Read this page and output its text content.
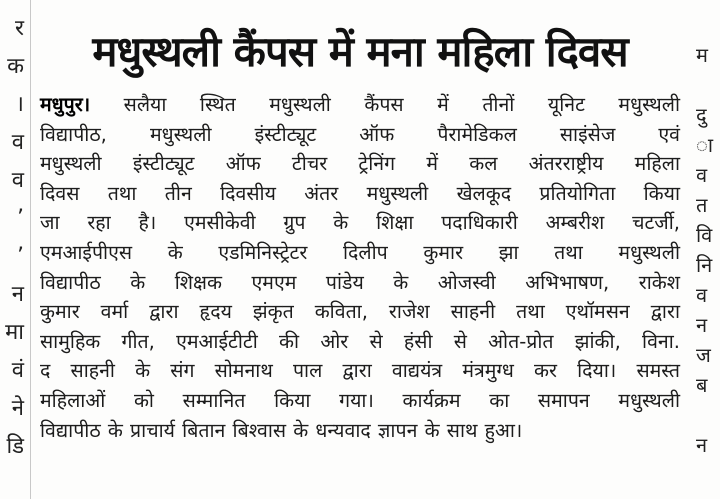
र
क
।
व
व
’
’
न
मा
वं
ने
डि
मधुस्थली कैंपस में मना महिला दिवस
मधुपुर। सलैया स्थित मधुस्थली कैंपस में तीनों यूनिट मधुस्थली
विद्यापीठ, मधुस्थली इंस्टीट्यूट ऑफ पैरामेडिकल साइंसेज एवं
मधुस्थली इंस्टीट्यूट ऑफ टीचर ट्रेनिंग में कल अंतरराष्ट्रीय महिला
दिवस तथा तीन दिवसीय अंतर मधुस्थली खेलकूद प्रतियोगिता किया
जा रहा है। एमसीकेवी ग्रुप के शिक्षा पदाधिकारी अम्बरीश चटर्जी,
एमआईपीएस के एडमिनिस्ट्रेटर दिलीप कुमार झा तथा मधुस्थली
विद्यापीठ के शिक्षक एमएम पांडेय के ओजस्वी अभिभाषण, राकेश
कुमार वर्मा द्वारा हृदय झंकृत कविता, राजेश साहनी तथा एथॉमसन द्वारा
सामुहिक गीत, एमआईटीटी की ओर से हंसी से ओत-प्रोत झांकी, विना.
द साहनी के संग सोमनाथ पाल द्वारा वाद्ययंत्र मंत्रमुग्ध कर दिया। समस्त
महिलाओं को सम्मानित किया गया। कार्यक्रम का समापन मधुस्थली
विद्यापीठ के प्राचार्य बितान बिश्वास के धन्यवाद ज्ञापन के साथ हुआ।
म
दु
ा
व
त
वि
नि
व
न
ज
ब
न
